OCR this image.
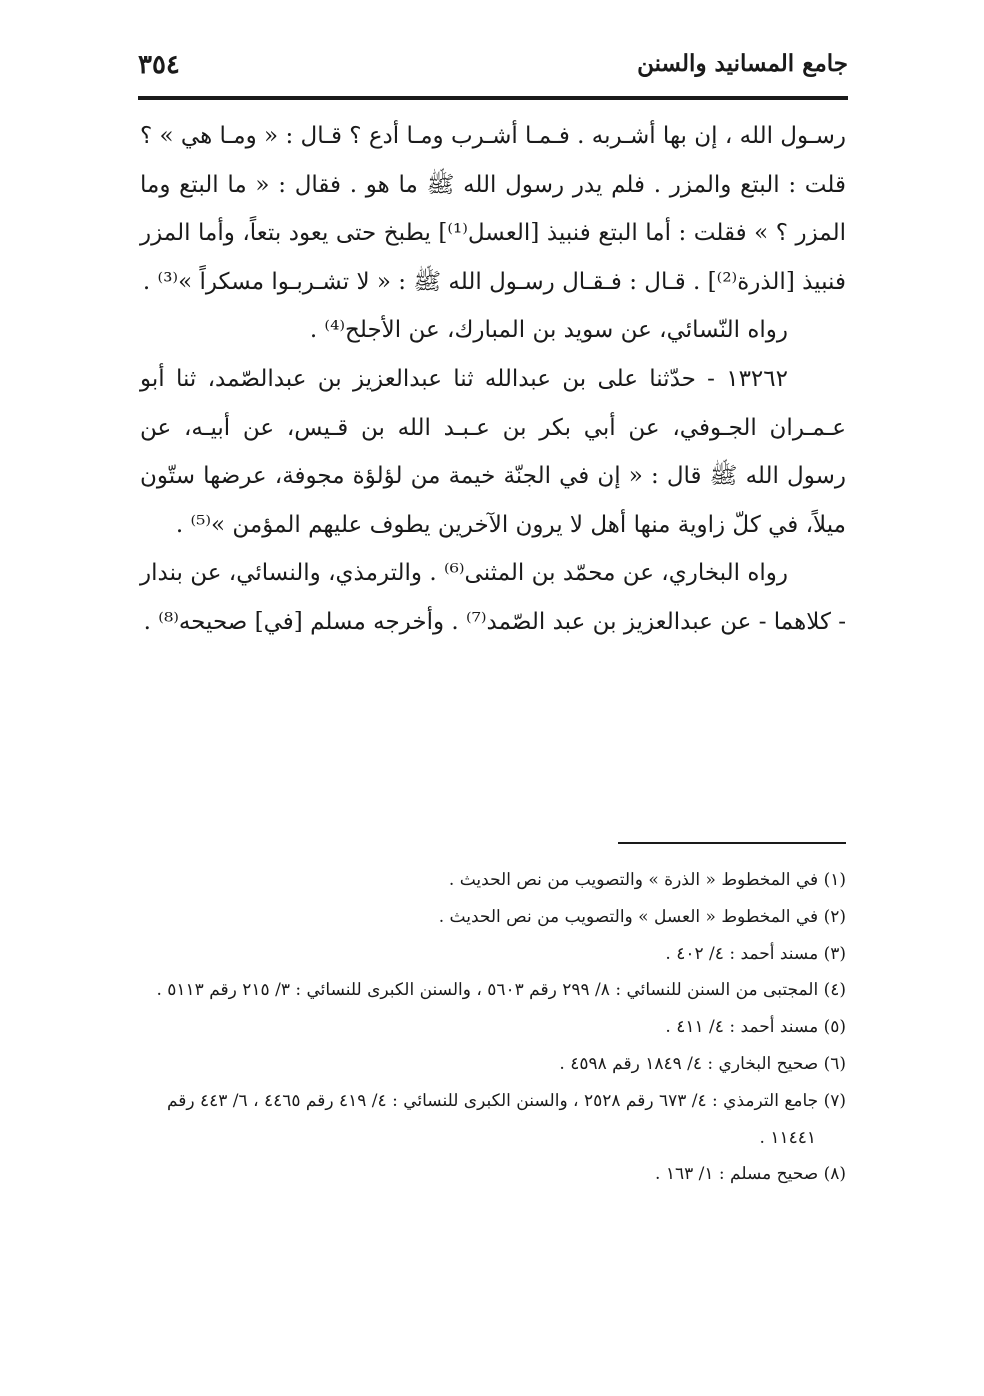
جامع المسانيد والسنن
٣٥٤

رسـول الله ، إن بها أشـربه . فـمـا أشـرب ومـا أدع ؟ قـال : « ومـا هي » ؟ قلت : البتع والمزر . فلم يدر رسول الله ﷺ ما هو . فقال : « ما البتع وما المزر ؟ » فقلت : أما البتع فنبيذ [العسل⁽¹⁾] يطبخ حتى يعود بتعاً، وأما المزر فنبيذ [الذرة⁽²⁾] . قـال : فـقـال رسـول الله ﷺ : « لا تشـربـوا مسكراً »⁽³⁾ .

رواه النّسائي، عن سويد بن المبارك، عن الأجلح⁽⁴⁾ .

١٣٢٦٢ - حدّثنا على بن عبدالله ثنا عبدالعزيز بن عبدالصّمد، ثنا أبو عـمـران الجـوفي، عن أبي بكر بن عـبـد الله بن قـيس، عن أبيـه، عن رسول الله ﷺ قال : « إن في الجنّة خيمة من لؤلؤة مجوفة، عرضها ستّون ميلاً، في كلّ زاوية منها أهل لا يرون الآخرين يطوف عليهم المؤمن »⁽⁵⁾ .

رواه البخاري، عن محمّد بن المثنى⁽⁶⁾ . والترمذي، والنسائي، عن بندار - كلاهما - عن عبدالعزيز بن عبد الصّمد⁽⁷⁾ . وأخرجه مسلم [في] صحيحه⁽⁸⁾ .

(١) في المخطوط « الذرة » والتصويب من نص الحديث .
(٢) في المخطوط « العسل » والتصويب من نص الحديث .
(٣) مسند أحمد : ٤/ ٤٠٢ .
(٤) المجتبى من السنن للنسائي : ٨/ ٢٩٩ رقم ٥٦٠٣ ، والسنن الكبرى للنسائي : ٣/ ٢١٥ رقم ٥١١٣ .
(٥) مسند أحمد : ٤/ ٤١١ .
(٦) صحيح البخاري : ٤/ ١٨٤٩ رقم ٤٥٩٨ .
(٧) جامع الترمذي : ٤/ ٦٧٣ رقم ٢٥٢٨ ، والسنن الكبرى للنسائي : ٤/ ٤١٩ رقم ٤٤٦٥ ، ٦/ ٤٤٣ رقم ١١٤٤١ .
(٨) صحيح مسلم : ١/ ١٦٣ .
